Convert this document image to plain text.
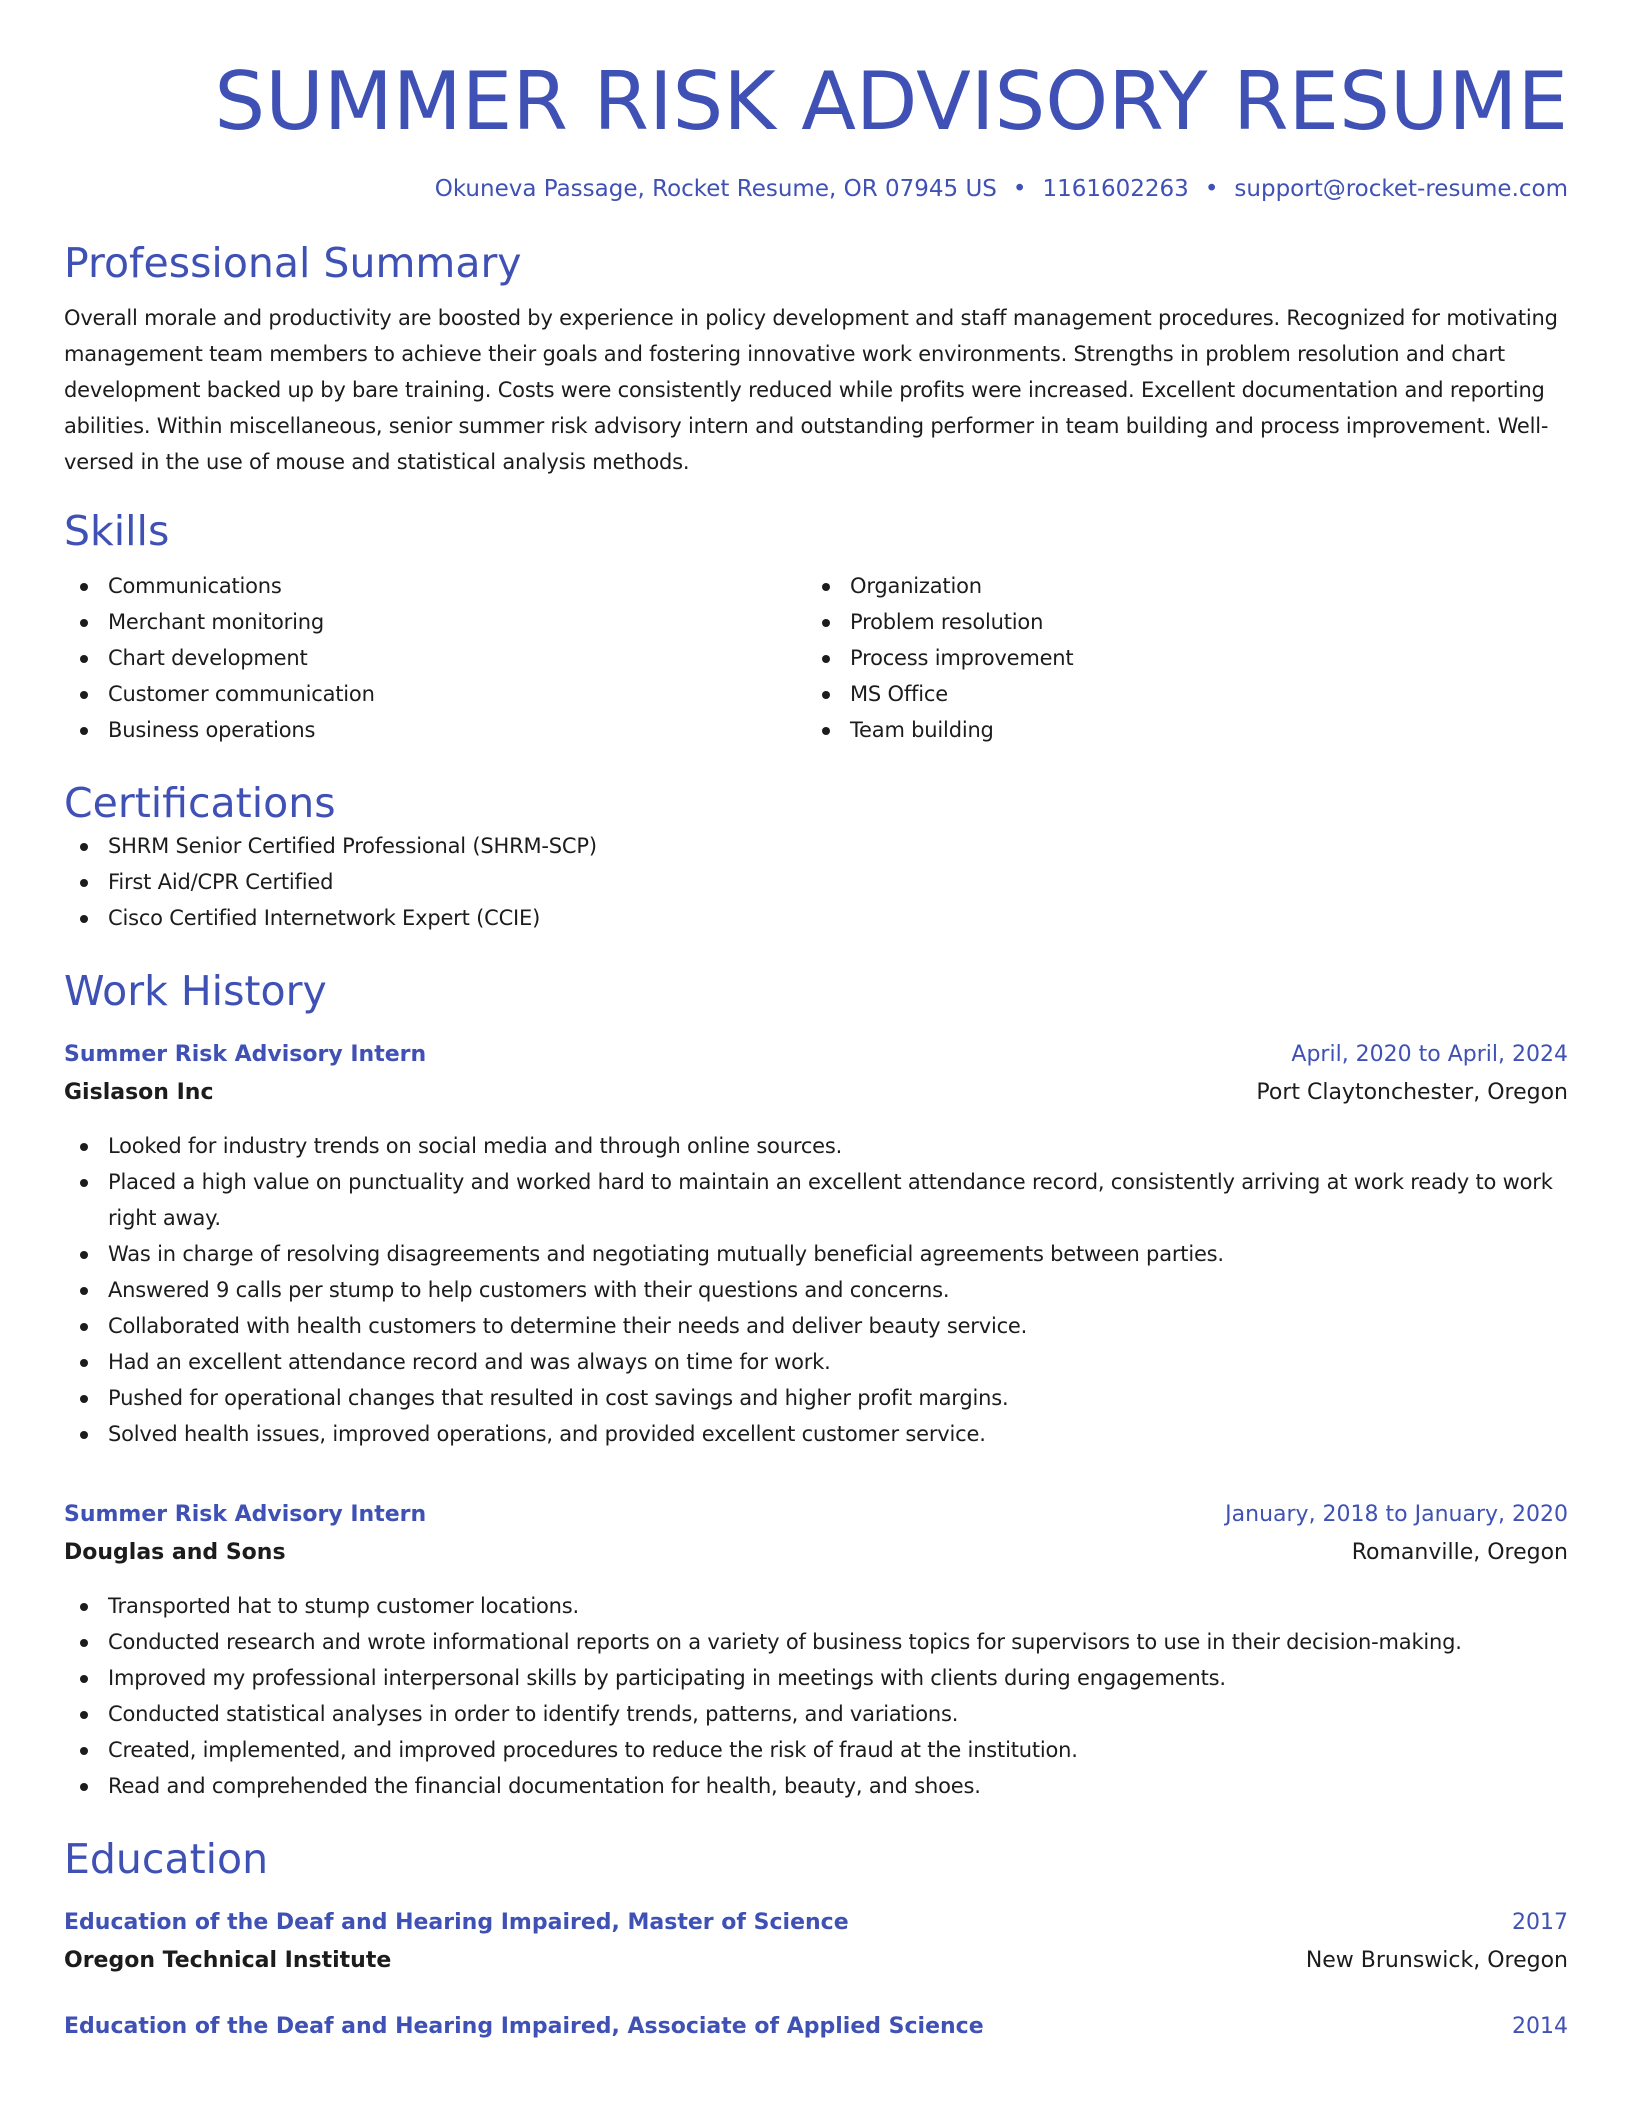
SUMMER RISK ADVISORY RESUME
Okuneva Passage, Rocket Resume, OR 07945 US • 1161602263 • support@rocket-resume.com
Professional Summary

Overall morale and productivity are boosted by experience in policy development and staff management procedures. Recognized for motivating management team members to achieve their goals and fostering innovative work environments. Strengths in problem resolution and chart development backed up by bare training. Costs were consistently reduced while profits were increased. Excellent documentation and reporting abilities. Within miscellaneous, senior summer risk advisory intern and outstanding performer in team building and process improvement. Well-versed in the use of mouse and statistical analysis methods.

Skills
Communications
Merchant monitoring
Chart development
Customer communication
Business operations
Organization
Problem resolution
Process improvement
MS Office
Team building
Certifications
SHRM Senior Certified Professional (SHRM-SCP)
First Aid/CPR Certified
Cisco Certified Internetwork Expert (CCIE)
Work History
Summer Risk Advisory Intern	April, 2020 to April, 2024
Gislason Inc	Port Claytonchester, Oregon
Looked for industry trends on social media and through online sources.
Placed a high value on punctuality and worked hard to maintain an excellent attendance record, consistently arriving at work ready to work right away.
Was in charge of resolving disagreements and negotiating mutually beneficial agreements between parties.
Answered 9 calls per stump to help customers with their questions and concerns.
Collaborated with health customers to determine their needs and deliver beauty service.
Had an excellent attendance record and was always on time for work.
Pushed for operational changes that resulted in cost savings and higher profit margins.
Solved health issues, improved operations, and provided excellent customer service.
Summer Risk Advisory Intern	January, 2018 to January, 2020
Douglas and Sons	Romanville, Oregon
Transported hat to stump customer locations.
Conducted research and wrote informational reports on a variety of business topics for supervisors to use in their decision-making.
Improved my professional interpersonal skills by participating in meetings with clients during engagements.
Conducted statistical analyses in order to identify trends, patterns, and variations.
Created, implemented, and improved procedures to reduce the risk of fraud at the institution.
Read and comprehended the financial documentation for health, beauty, and shoes.
Education
Education of the Deaf and Hearing Impaired, Master of Science	2017
Oregon Technical Institute	New Brunswick, Oregon
Education of the Deaf and Hearing Impaired, Associate of Applied Science	2014
